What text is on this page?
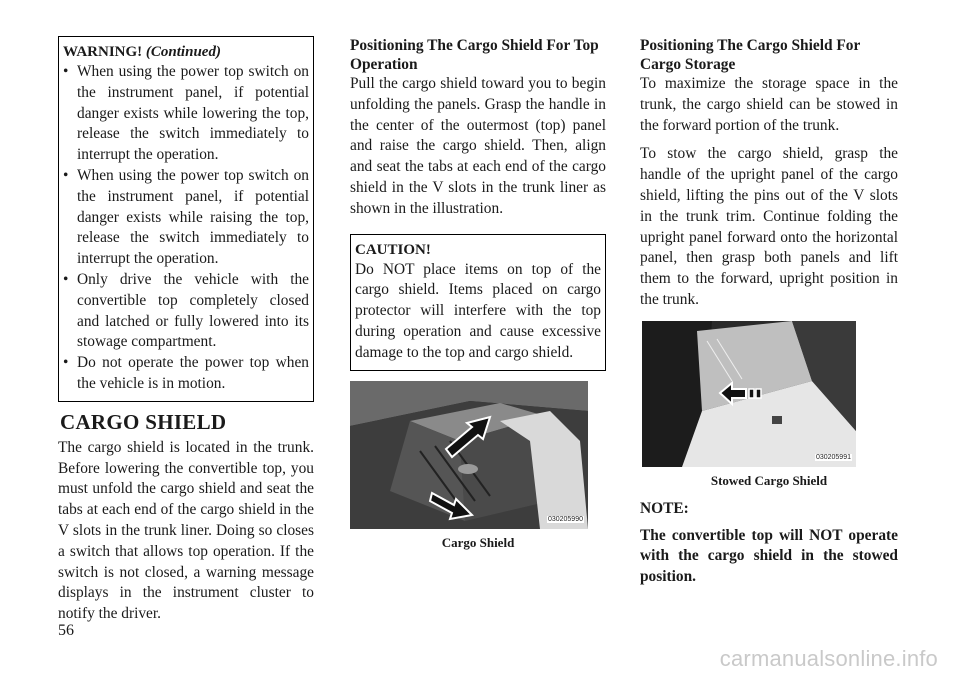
WARNING! (Continued)
• When using the power top switch on the instrument panel, if potential danger exists while lowering the top, release the switch immediately to interrupt the operation.
• When using the power top switch on the instrument panel, if potential danger exists while raising the top, release the switch immediately to interrupt the operation.
• Only drive the vehicle with the convertible top completely closed and latched or fully lowered into its stowage compartment.
• Do not operate the power top when the vehicle is in motion.
CARGO SHIELD

The cargo shield is located in the trunk. Before lowering the convertible top, you must unfold the cargo shield and seat the tabs at each end of the cargo shield in the V slots in the trunk liner. Doing so closes a switch that allows top operation. If the switch is not closed, a warning message displays in the instrument cluster to notify the driver.

Positioning The Cargo Shield For Top Operation

Pull the cargo shield toward you to begin unfolding the panels. Grasp the handle in the center of the outermost (top) panel and raise the cargo shield. Then, align and seat the tabs at each end of the cargo shield in the V slots in the trunk liner as shown in the illustration.

CAUTION!

Do NOT place items on top of the cargo shield. Items placed on cargo protector will interfere with the top during operation and cause excessive damage to the top and cargo shield.

030205990
Cargo Shield
Positioning The Cargo Shield For Cargo Storage

To maximize the storage space in the trunk, the cargo shield can be stowed in the forward portion of the trunk.

To stow the cargo shield, grasp the handle of the upright panel of the cargo shield, lifting the pins out of the V slots in the trunk trim. Continue folding the upright panel forward onto the horizontal panel, then grasp both panels and lift them to the forward, upright position in the trunk.

030205991
Stowed Cargo Shield

NOTE:

The convertible top will NOT operate with the cargo shield in the stowed position.

56
carmanualsonline.info
